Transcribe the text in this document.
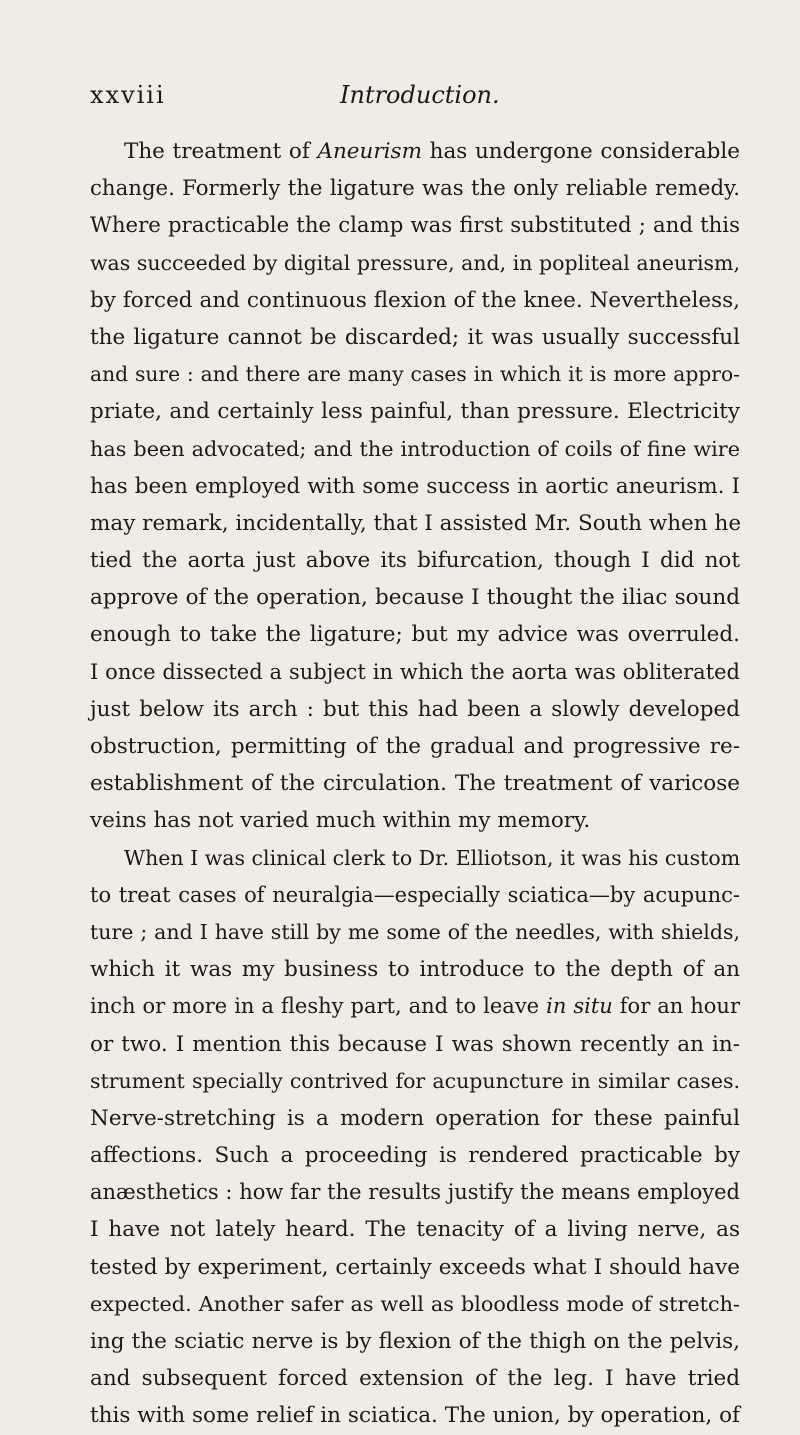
xxviii	Introduction.
The treatment of Aneurism has undergone considerable
change. Formerly the ligature was the only reliable remedy.
Where practicable the clamp was first substituted ; and this
was succeeded by digital pressure, and, in popliteal aneurism,
by forced and continuous flexion of the knee. Nevertheless,
the ligature cannot be discarded; it was usually successful
and sure : and there are many cases in which it is more appro-
priate, and certainly less painful, than pressure. Electricity
has been advocated; and the introduction of coils of fine wire
has been employed with some success in aortic aneurism. I
may remark, incidentally, that I assisted Mr. South when he
tied the aorta just above its bifurcation, though I did not
approve of the operation, because I thought the iliac sound
enough to take the ligature; but my advice was overruled.
I once dissected a subject in which the aorta was obliterated
just below its arch : but this had been a slowly developed
obstruction, permitting of the gradual and progressive re-
establishment of the circulation. The treatment of varicose
veins has not varied much within my memory.
When I was clinical clerk to Dr. Elliotson, it was his custom
to treat cases of neuralgia—especially sciatica—by acupunc-
ture ; and I have still by me some of the needles, with shields,
which it was my business to introduce to the depth of an
inch or more in a fleshy part, and to leave in situ for an hour
or two. I mention this because I was shown recently an in-
strument specially contrived for acupuncture in similar cases.
Nerve-stretching is a modern operation for these painful
affections. Such a proceeding is rendered practicable by
anæsthetics : how far the results justify the means employed
I have not lately heard. The tenacity of a living nerve, as
tested by experiment, certainly exceeds what I should have
expected. Another safer as well as bloodless mode of stretch-
ing the sciatic nerve is by flexion of the thigh on the pelvis,
and subsequent forced extension of the leg. I have tried
this with some relief in sciatica. The union, by operation, of
